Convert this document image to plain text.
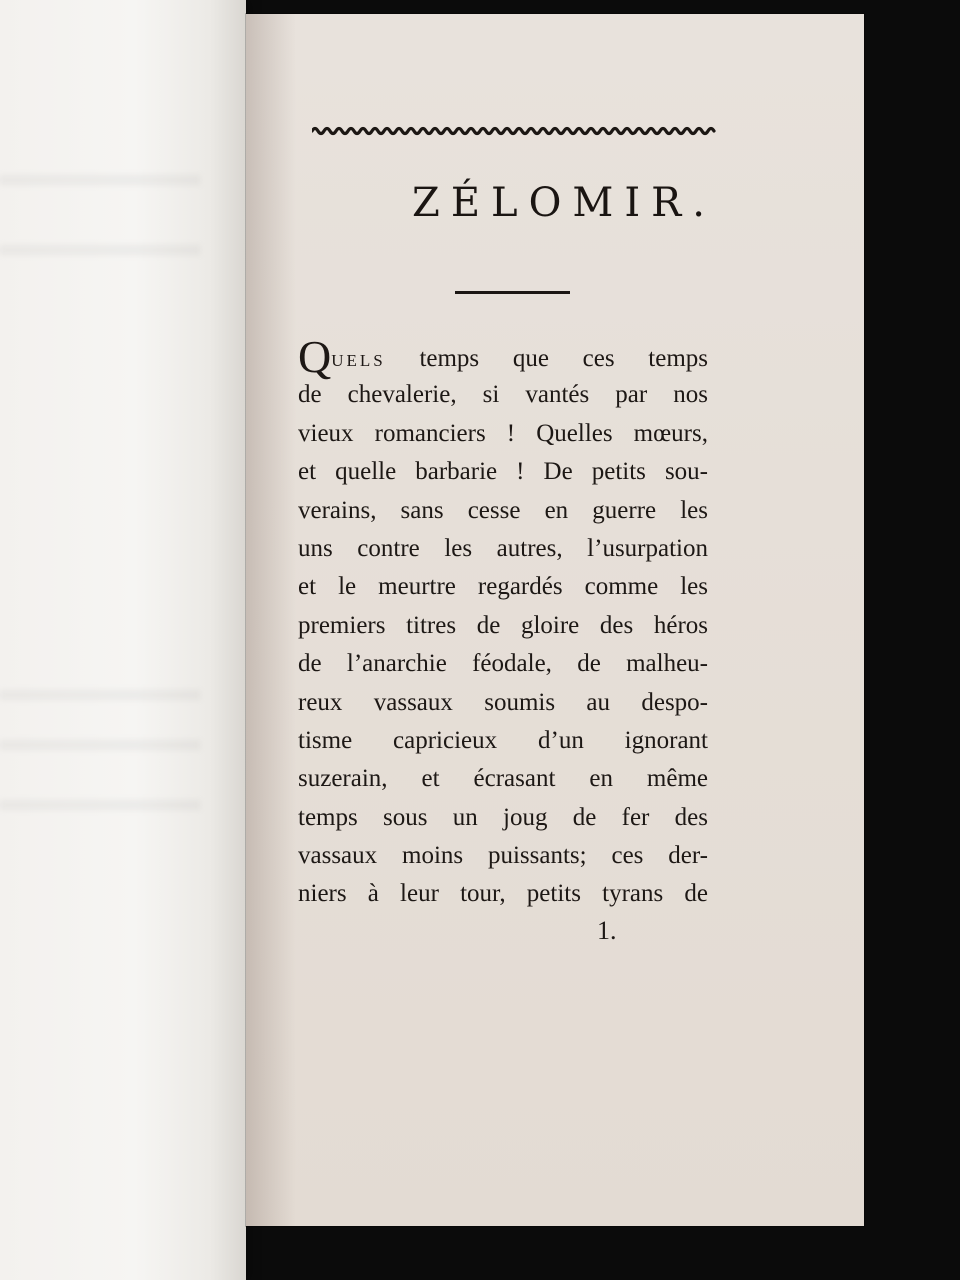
ZÉLOMIR.
QUELS temps que ces temps
de chevalerie, si vantés par nos
vieux romanciers ! Quelles mœurs,
et quelle barbarie ! De petits sou-
verains, sans cesse en guerre les
uns contre les autres, l’usurpation
et le meurtre regardés comme les
premiers titres de gloire des héros
de l’anarchie féodale, de malheu-
reux vassaux soumis au despo-
tisme capricieux d’un ignorant
suzerain, et écrasant en même
temps sous un joug de fer des
vassaux moins puissants; ces der-
niers à leur tour, petits tyrans de
1.
